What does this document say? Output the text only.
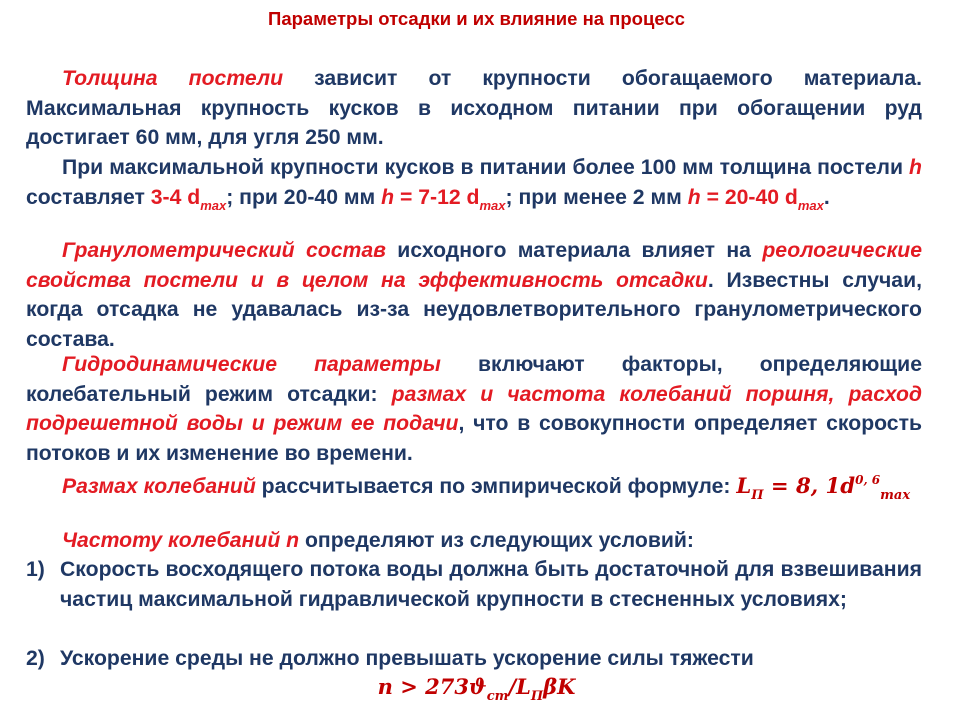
Параметры отсадки и их влияние на процесс
Толщина постели зависит от крупности обогащаемого материала. Максимальная крупность кусков в исходном питании при обогащении руд достигает 60 мм, для угля 250 мм.
При максимальной крупности кусков в питании более 100 мм толщина постели h составляет 3-4 $d_{max}$; при 20-40 мм h = 7-12 $d_{max}$; при менее 2 мм h = 20-40 $d_{max}$.
Гранулометрический состав исходного материала влияет на реологические свойства постели и в целом на эффективность отсадки. Известны случаи, когда отсадка не удавалась из-за неудовлетворительного гранулометрического состава.
Гидродинамические параметры включают факторы, определяющие колебательный режим отсадки: размах и частота колебаний поршня, расход подрешетной воды и режим ее подачи, что в совокупности определяет скорость потоков и их изменение во времени.
Размах колебаний рассчитывается по эмпирической формуле: $L_П = 8$, $1d^{0, 6}_{max}$
Частоту колебаний n определяют из следующих условий:
1) Скорость восходящего потока воды должна быть достаточной для взвешивания частиц максимальной гидравлической крупности в стесненных условиях;
2) Ускорение среды не должно превышать ускорение силы тяжести
$n > 273ϑ_{ст}/L_П\beta K$
